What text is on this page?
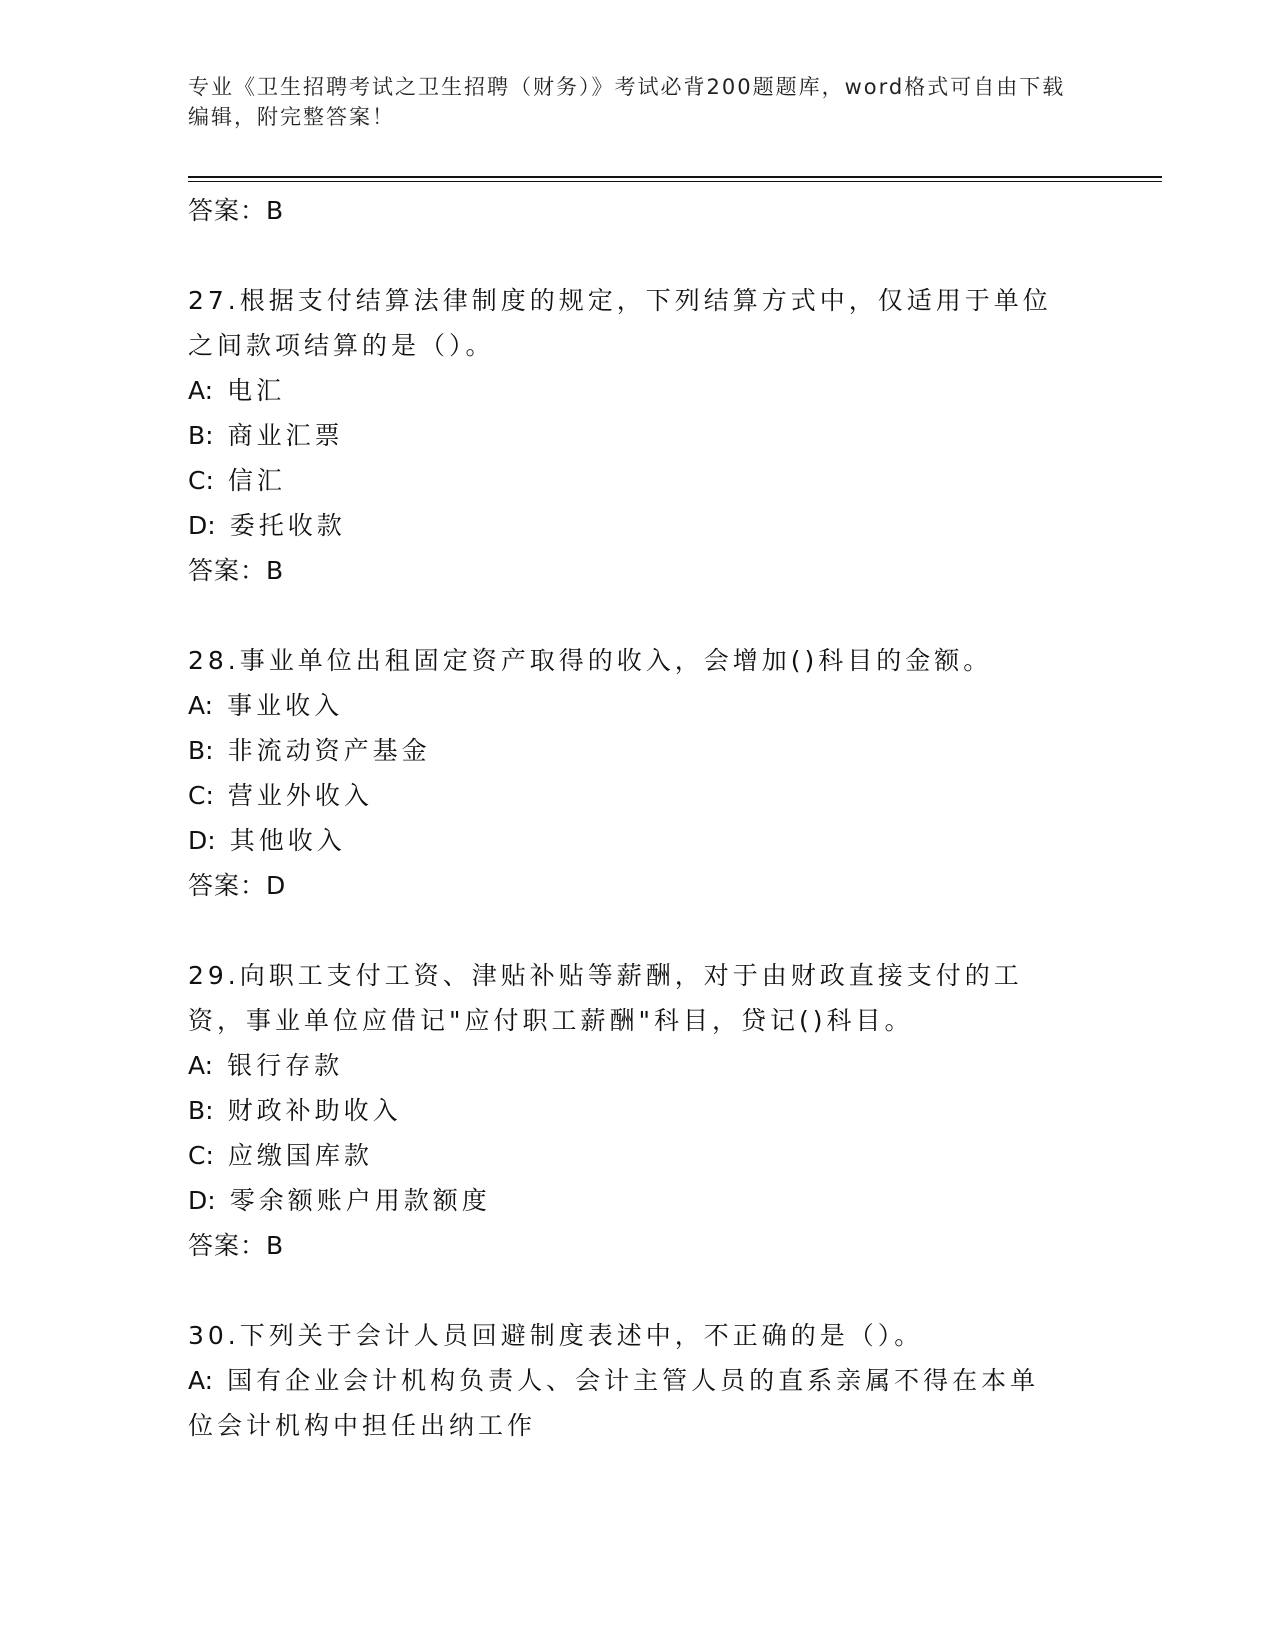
专业《卫生招聘考试之卫生招聘（财务）》考试必背200题题库，word格式可自由下载编辑，附完整答案！
答案：B
27.根据支付结算法律制度的规定，下列结算方式中，仅适用于单位之间款项结算的是（）。
A: 电汇
B: 商业汇票
C: 信汇
D: 委托收款
答案：B
28.事业单位出租固定资产取得的收入，会增加()科目的金额。
A: 事业收入
B: 非流动资产基金
C: 营业外收入
D: 其他收入
答案：D
29.向职工支付工资、津贴补贴等薪酬，对于由财政直接支付的工资，事业单位应借记"应付职工薪酬"科目，贷记()科目。
A: 银行存款
B: 财政补助收入
C: 应缴国库款
D: 零余额账户用款额度
答案：B
30.下列关于会计人员回避制度表述中，不正确的是（）。
A: 国有企业会计机构负责人、会计主管人员的直系亲属不得在本单位会计机构中担任出纳工作
